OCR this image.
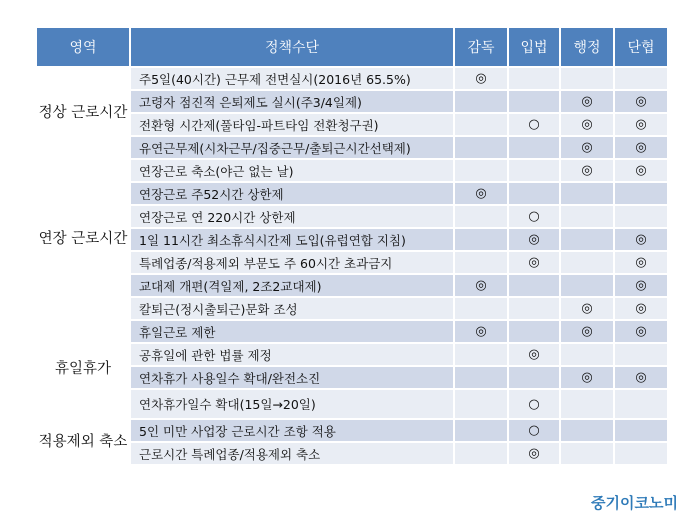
영역	정책수단	감독	입법	행정	단협
정상 근로시간	주5일(40시간) 근무제 전면실시(2016년 65.5%)	◎			
	고령자 점진적 은퇴제도 실시(주3/4일제)			◎	◎
	전환형 시간제(풀타임-파트타임 전환청구권)		○	◎	◎
	유연근무제(시차근무/집중근무/출퇴근시간선택제)			◎	◎
연장 근로시간	연장근로 축소(야근 없는 날)			◎	◎
	연장근로 주52시간 상한제	◎			
	연장근로 연 220시간 상한제		○		
	1일 11시간 최소휴식시간제 도입(유럽연합 지침)		◎		◎
	특례업종/적용제외 부문도 주 60시간 초과금지		◎		◎
	교대제 개편(격일제, 2조2교대제)	◎			◎
	칼퇴근(정시출퇴근)문화 조성			◎	◎
휴일휴가	휴일근로 제한	◎		◎	◎
	공휴일에 관한 법률 제정		◎		
	연차휴가 사용일수 확대/완전소진			◎	◎
	연차휴가일수 확대(15일→20일)		○		
적용제외 축소	5인 미만 사업장 근로시간 조항 적용		○		
	근로시간 특례업종/적용제외 축소		◎		
중기이코노미
